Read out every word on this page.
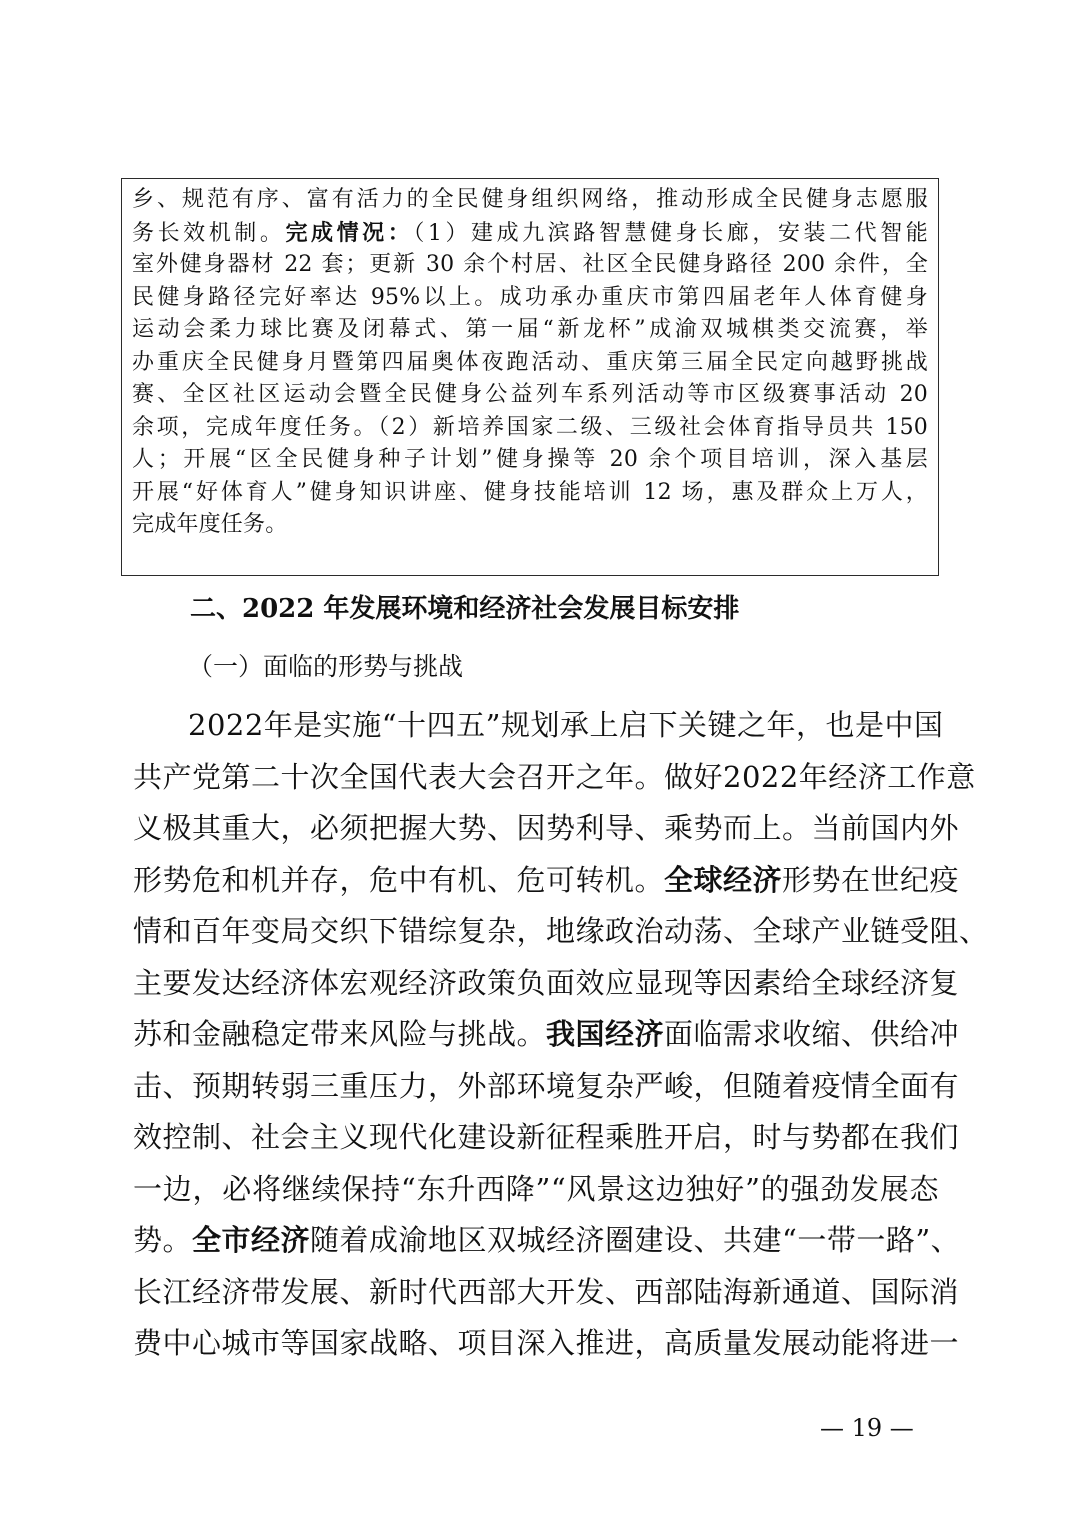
乡、规范有序、富有活力的全民健身组织网络，推动形成全民健身志愿服
务长效机制。完成情况：（1）建成九滨路智慧健身长廊，安装二代智能
室外健身器材 22 套；更新 30 余个村居、社区全民健身路径 200 余件，全
民健身路径完好率达 95%以上。成功承办重庆市第四届老年人体育健身
运动会柔力球比赛及闭幕式、第一届“新龙杯”成渝双城棋类交流赛，举
办重庆全民健身月暨第四届奥体夜跑活动、重庆第三届全民定向越野挑战
赛、全区社区运动会暨全民健身公益列车系列活动等市区级赛事活动 20
余项，完成年度任务。（2）新培养国家二级、三级社会体育指导员共 150
人；开展“区全民健身种子计划”健身操等 20 余个项目培训，深入基层
开展“好体育人”健身知识讲座、健身技能培训 12 场，惠及群众上万人，
完成年度任务。
二、2022 年发展环境和经济社会发展目标安排
（一）面临的形势与挑战
2022年是实施“十四五”规划承上启下关键之年，也是中国
共产党第二十次全国代表大会召开之年。做好2022年经济工作意
义极其重大，必须把握大势、因势利导、乘势而上。当前国内外
形势危和机并存，危中有机、危可转机。全球经济形势在世纪疫
情和百年变局交织下错综复杂，地缘政治动荡、全球产业链受阻、
主要发达经济体宏观经济政策负面效应显现等因素给全球经济复
苏和金融稳定带来风险与挑战。我国经济面临需求收缩、供给冲
击、预期转弱三重压力，外部环境复杂严峻，但随着疫情全面有
效控制、社会主义现代化建设新征程乘胜开启，时与势都在我们
一边，必将继续保持“东升西降”“风景这边独好”的强劲发展态
势。全市经济随着成渝地区双城经济圈建设、共建“一带一路”、
长江经济带发展、新时代西部大开发、西部陆海新通道、国际消
费中心城市等国家战略、项目深入推进，高质量发展动能将进一
— 19 —
